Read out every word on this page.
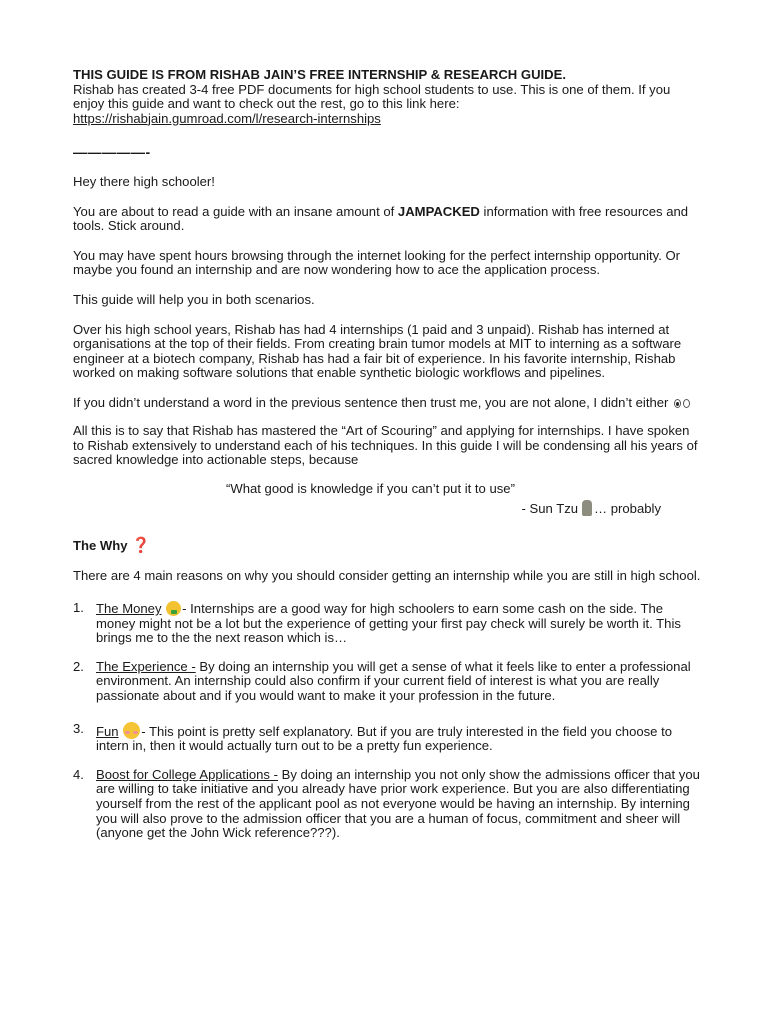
THIS GUIDE IS FROM RISHAB JAIN’S FREE INTERNSHIP & RESEARCH GUIDE.
Rishab has created 3-4 free PDF documents for high school students to use. This is one of them. If you enjoy this guide and want to check out the rest, go to this link here: https://rishabjain.gumroad.com/l/research-internships

—————-

Hey there high schooler!

You are about to read a guide with an insane amount of JAMPACKED information with free resources and tools. Stick around.

You may have spent hours browsing through the internet looking for the perfect internship opportunity. Or maybe you found an internship and are now wondering how to ace the application process.

This guide will help you in both scenarios.

Over his high school years, Rishab has had 4 internships (1 paid and 3 unpaid). Rishab has interned at organisations at the top of their fields. From creating brain tumor models at MIT to interning as a software engineer at a biotech company, Rishab has had a fair bit of experience. In his favorite internship, Rishab worked on making software solutions that enable synthetic biologic workflows and pipelines.

If you didn’t understand a word in the previous sentence then trust me, you are not alone, I didn’t either

All this is to say that Rishab has mastered the “Art of Scouring” and applying for internships. I have spoken to Rishab extensively to understand each of his techniques. In this guide I will be condensing all his years of sacred knowledge into actionable steps, because

“What good is knowledge if you can’t put it to use”

- Sun Tzu … probably

The Why ❓

There are 4 main reasons on why you should consider getting an internship while you are still in high school.

1. The Money - Internships are a good way for high schoolers to earn some cash on the side. The money might not be a lot but the experience of getting your first pay check will surely be worth it. This brings me to the the next reason which is…
2. The Experience - By doing an internship you will get a sense of what it feels like to enter a professional environment. An internship could also confirm if your current field of interest is what you are really passionate about and if you would want to make it your profession in the future.
3. Fun - This point is pretty self explanatory. But if you are truly interested in the field you choose to intern in, then it would actually turn out to be a pretty fun experience.
4. Boost for College Applications - By doing an internship you not only show the admissions officer that you are willing to take initiative and you already have prior work experience. But you are also differentiating yourself from the rest of the applicant pool as not everyone would be having an internship. By interning you will also prove to the admission officer that you are a human of focus, commitment and sheer will (anyone get the John Wick reference???).
